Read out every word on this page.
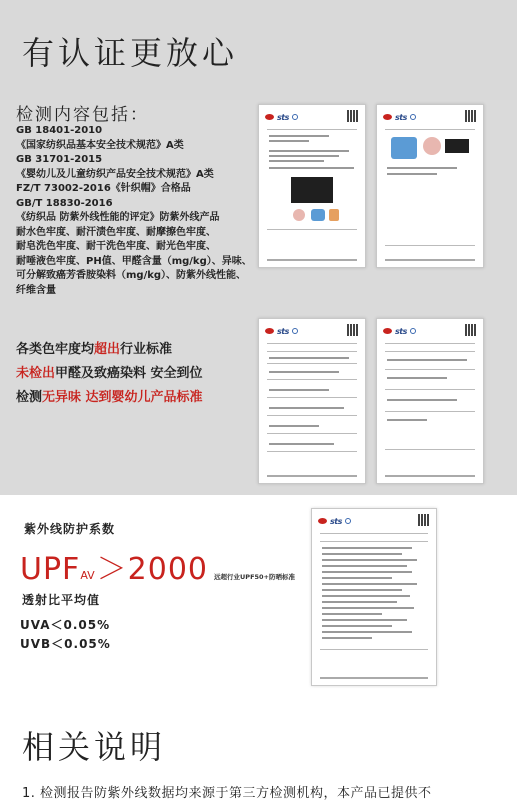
有认证更放心
检测内容包括：
GB 18401-2010
《国家纺织品基本安全技术规范》A类
GB 31701-2015
《婴幼儿及儿童纺织产品安全技术规范》A类
FZ/T 73002-2016《针织帽》合格品
GB/T 18830-2016
《纺织品 防紫外线性能的评定》防紫外线产品
耐水色牢度、耐汗渍色牢度、耐摩擦色牢度、
耐皂洗色牢度、耐干洗色牢度、耐光色牢度、
耐唾液色牢度、PH值、甲醛含量（mg/kg）、异味、
可分解致癌芳香胺染料（mg/kg）、防紫外线性能、
纤维含量
sts	sts
sts	sts
各类色牢度均超出行业标准
未检出甲醛及致癌染料 安全到位
检测无异味 达到婴幼儿产品标准
紫外线防护系数
UPF AV ＞2000 远超行业UPF50+防晒标准
透射比平均值
UVA＜0.05%
UVB＜0.05%
sts
相关说明
1. 检测报告防紫外线数据均来源于第三方检测机构，本产品已提供不
